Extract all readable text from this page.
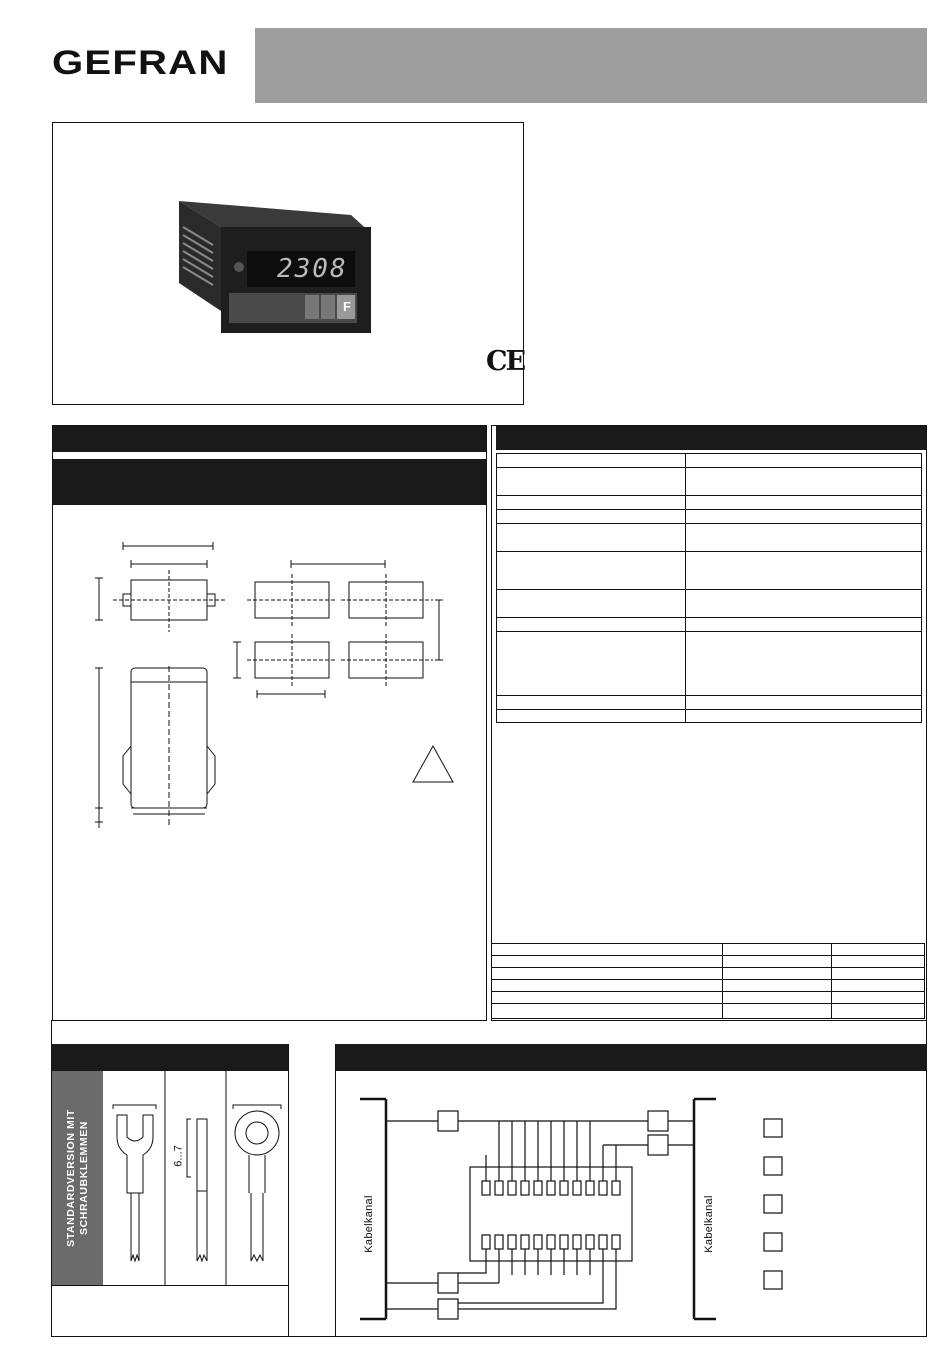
GEFRAN
2308
F
CE

STANDARDVERSION MIT SCHRAUBKLEMMEN	6...7
Kabelkanal	Kabelkanal
